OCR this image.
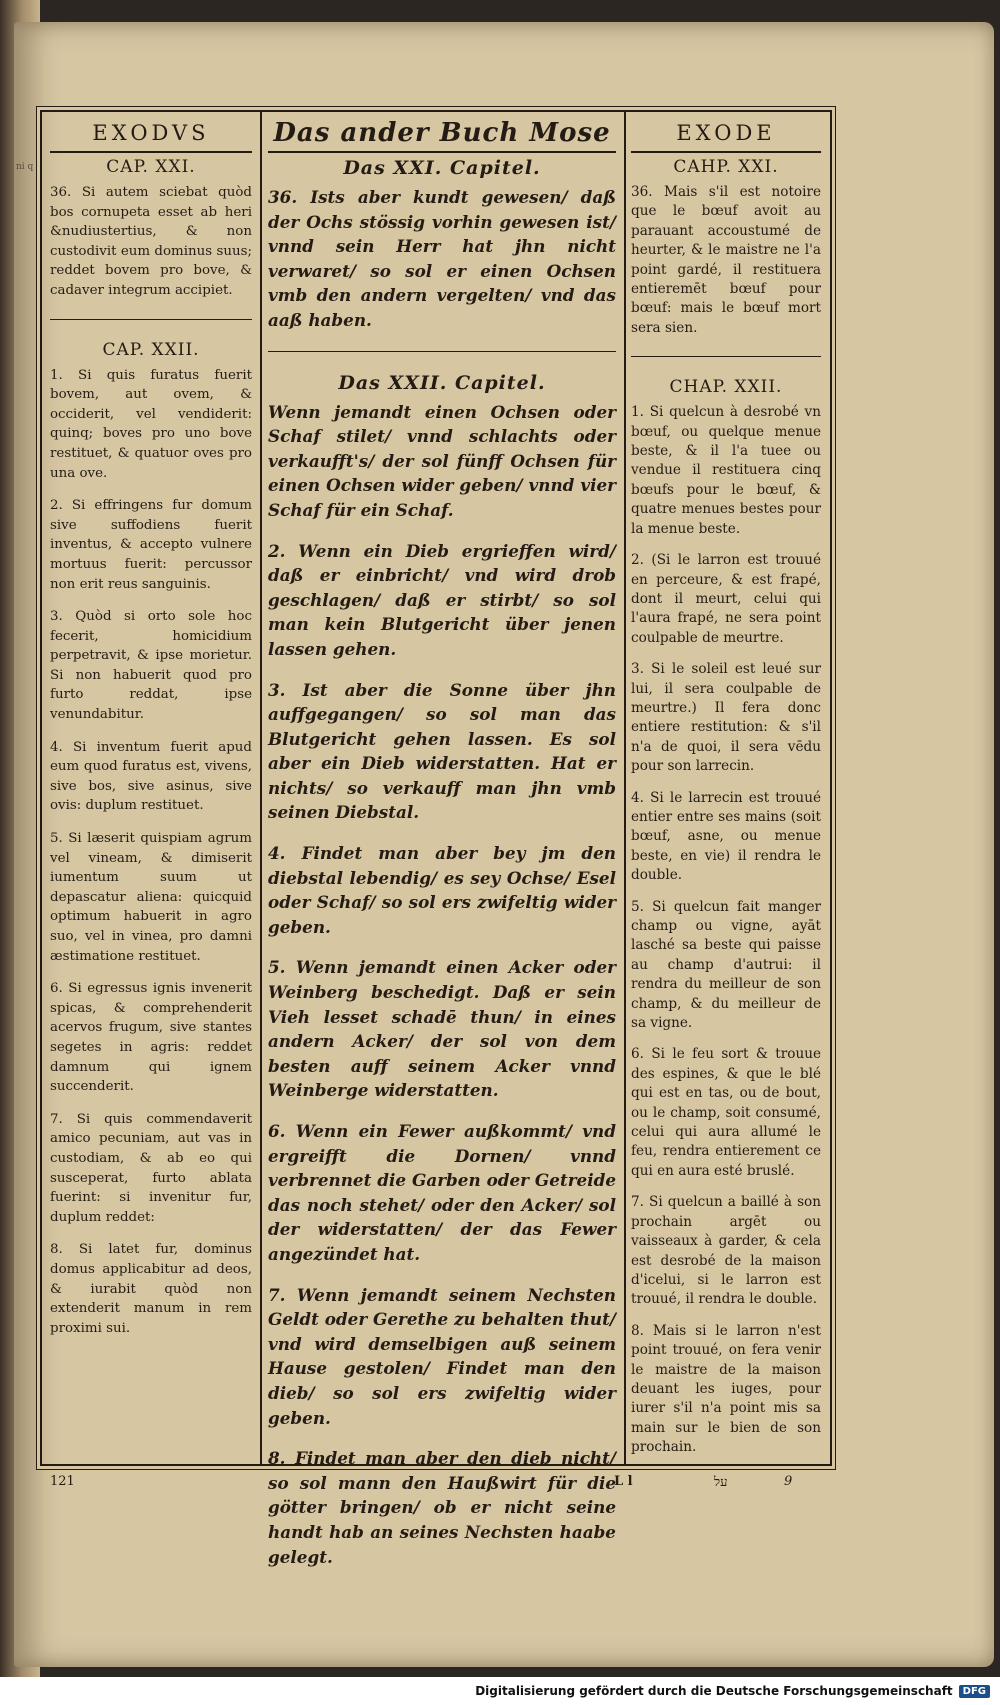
ni q
EXODVS
CAP. XXI.
36. Si autem sciebat quòd bos cornupeta esset ab heri &nudiustertius, & non custodivit eum dominus suus; reddet bovem pro bove, & cadaver integrum accipiet.
CAP. XXII.

1. Si quis furatus fuerit bovem, aut ovem, & occiderit, vel vendiderit: quinq; boves pro uno bove restituet, & quatuor oves pro una ove.

2. Si effringens fur domum sive suffodiens fuerit inventus, & accepto vulnere mortuus fuerit: percussor non erit reus sanguinis.

3. Quòd si orto sole hoc fecerit, homicidium perpetravit, & ipse morietur. Si non habuerit quod pro furto reddat, ipse venundabitur.

4. Si inventum fuerit apud eum quod furatus est, vivens, sive bos, sive asinus, sive ovis: duplum restituet.

5. Si læserit quispiam agrum vel vineam, & dimiserit iumentum suum ut depascatur aliena: quicquid optimum habuerit in agro suo, vel in vinea, pro damni æstimatione restituet.

6. Si egressus ignis invenerit spicas, & comprehenderit acervos frugum, sive stantes segetes in agris: reddet damnum qui ignem succenderit.

7. Si quis commendaverit amico pecuniam, aut vas in custodiam, & ab eo qui susceperat, furto ablata fuerint: si invenitur fur, duplum reddet:

8. Si latet fur, dominus domus applicabitur ad deos, & iurabit quòd non extenderit manum in rem proximi sui.

Das ander Buch Mose
Das XXI. Capitel.
36. Ists aber kundt gewesen/ daß der Ochs stössig vorhin gewesen ist/ vnnd sein Herr hat jhn nicht verwaret/ so sol er einen Ochsen vmb den andern vergelten/ vnd das aaß haben.
Das XXII. Capitel.

Wenn jemandt einen Ochsen oder Schaf stilet/ vnnd schlachts oder verkaufft's/ der sol fünff Ochsen für einen Ochsen wider geben/ vnnd vier Schaf für ein Schaf.

2. Wenn ein Dieb ergrieffen wird/ daß er einbricht/ vnd wird drob geschlagen/ daß er stirbt/ so sol man kein Blutgericht über jenen lassen gehen.

3. Ist aber die Sonne über jhn auffgegangen/ so sol man das Blutgericht gehen lassen. Es sol aber ein Dieb widerstatten. Hat er nichts/ so verkauff man jhn vmb seinen Diebstal.

4. Findet man aber bey jm den diebstal lebendig/ es sey Ochse/ Esel oder Schaf/ so sol ers zwifeltig wider geben.

5. Wenn jemandt einen Acker oder Weinberg beschedigt. Daß er sein Vieh lesset schadē thun/ in eines andern Acker/ der sol von dem besten auff seinem Acker vnnd Weinberge widerstatten.

6. Wenn ein Fewer außkommt/ vnd ergreifft die Dornen/ vnnd verbrennet die Garben oder Getreide das noch stehet/ oder den Acker/ sol der widerstatten/ der das Fewer angezündet hat.

7. Wenn jemandt seinem Nechsten Geldt oder Gerethe zu behalten thut/ vnd wird demselbigen auß seinem Hause gestolen/ Findet man den dieb/ so sol ers zwifeltig wider geben.

8. Findet man aber den dieb nicht/ so sol mann den Haußwirt für die götter bringen/ ob er nicht seine handt hab an seines Nechsten haabe gelegt.

EXODE
CAHP. XXI.
36. Mais s'il est notoire que le bœuf avoit au parauant accoustumé de heurter, & le maistre ne l'a point gardé, il restituera entieremēt bœuf pour bœuf: mais le bœuf mort sera sien.
CHAP. XXII.

1. Si quelcun à desrobé vn bœuf, ou quelque menue beste, & il l'a tuee ou vendue il restituera cinq bœufs pour le bœuf, & quatre menues bestes pour la menue beste.

2. (Si le larron est trouué en perceure, & est frapé, dont il meurt, celui qui l'aura frapé, ne sera point coulpable de meurtre.

3. Si le soleil est leué sur lui, il sera coulpable de meurtre.) Il fera donc entiere restitution: & s'il n'a de quoi, il sera vēdu pour son larrecin.

4. Si le larrecin est trouué entier entre ses mains (soit bœuf, asne, ou menue beste, en vie) il rendra le double.

5. Si quelcun fait manger champ ou vigne, ayāt lasché sa beste qui paisse au champ d'autrui: il rendra du meilleur de son champ, & du meilleur de sa vigne.

6. Si le feu sort & trouue des espines, & que le blé qui est en tas, ou de bout, ou le champ, soit consumé, celui qui aura allumé le feu, rendra entierement ce qui en aura esté bruslé.

7. Si quelcun a baillé à son prochain argēt ou vaisseaux à garder, & cela est desrobé de la maison d'icelui, si le larron est trouué, il rendra le double.

8. Mais si le larron n'est point trouué, on fera venir le maistre de la maison deuant les iuges, pour iurer s'il n'a point mis sa main sur le bien de son prochain.

121	L l	על	9
Digitalisierung gefördert durch die Deutsche Forschungsgemeinschaft	DFG
